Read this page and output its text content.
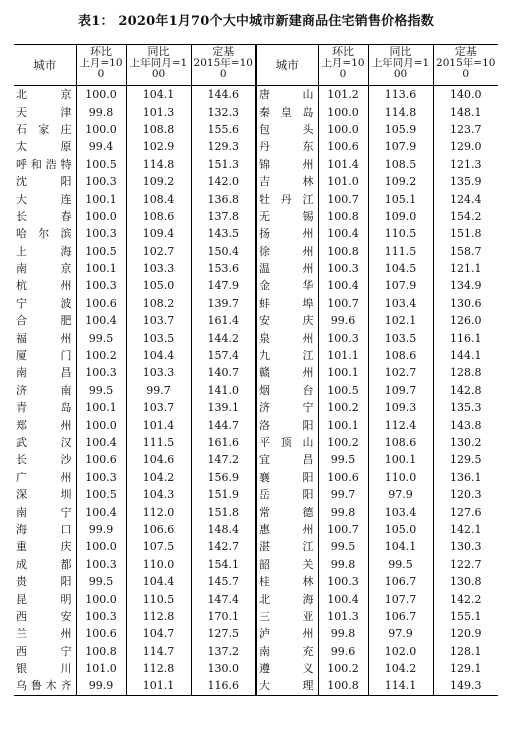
表1： 2020年1月70个大中城市新建商品住宅销售价格指数
城市	环比	同比	定基	城市	环比	同比	定基
	上月=100	上年同月=100	2015年=100		上月=100	上年同月=100	2015年=100
北京	100.0	104.1	144.6	唐山	101.2	113.6	140.0
天津	99.8	101.3	132.3	秦皇岛	100.0	114.8	148.1
石家庄	100.0	108.8	155.6	包头	100.0	105.9	123.7
太原	99.4	102.9	129.3	丹东	100.6	107.9	129.0
呼和浩特	100.5	114.8	151.3	锦州	101.4	108.5	121.3
沈阳	100.3	109.2	142.0	吉林	101.0	109.2	135.9
大连	100.1	108.4	136.8	牡丹江	100.7	105.1	124.4
长春	100.0	108.6	137.8	无锡	100.8	109.0	154.2
哈尔滨	100.3	109.4	143.5	扬州	100.4	110.5	151.8
上海	100.5	102.7	150.4	徐州	100.8	111.5	158.7
南京	100.1	103.3	153.6	温州	100.3	104.5	121.1
杭州	100.3	105.0	147.9	金华	100.4	107.9	134.9
宁波	100.6	108.2	139.7	蚌埠	100.7	103.4	130.6
合肥	100.4	103.7	161.4	安庆	99.6	102.1	126.0
福州	99.5	103.5	144.2	泉州	100.3	103.5	116.1
厦门	100.2	104.4	157.4	九江	101.1	108.6	144.1
南昌	100.3	103.3	140.7	赣州	100.1	102.7	128.8
济南	99.5	99.7	141.0	烟台	100.5	109.7	142.8
青岛	100.1	103.7	139.1	济宁	100.2	109.3	135.3
郑州	100.0	101.4	144.7	洛阳	100.1	112.4	143.8
武汉	100.4	111.5	161.6	平顶山	100.2	108.6	130.2
长沙	100.6	104.6	147.2	宜昌	99.5	100.1	129.5
广州	100.3	104.2	156.9	襄阳	100.6	110.0	136.1
深圳	100.5	104.3	151.9	岳阳	99.7	97.9	120.3
南宁	100.4	112.0	151.8	常德	99.8	103.4	127.6
海口	99.9	106.6	148.4	惠州	100.7	105.0	142.1
重庆	100.0	107.5	142.7	湛江	99.5	104.1	130.3
成都	100.3	110.0	154.1	韶关	99.8	99.5	122.7
贵阳	99.5	104.4	145.7	桂林	100.3	106.7	130.8
昆明	100.0	110.5	147.4	北海	100.4	107.7	142.2
西安	100.3	112.8	170.1	三亚	101.3	106.7	155.1
兰州	100.6	104.7	127.5	泸州	99.8	97.9	120.9
西宁	100.8	114.7	137.2	南充	99.6	102.0	128.1
银川	101.0	112.8	130.0	遵义	100.2	104.2	129.1
乌鲁木齐	99.9	101.1	116.6	大理	100.8	114.1	149.3
